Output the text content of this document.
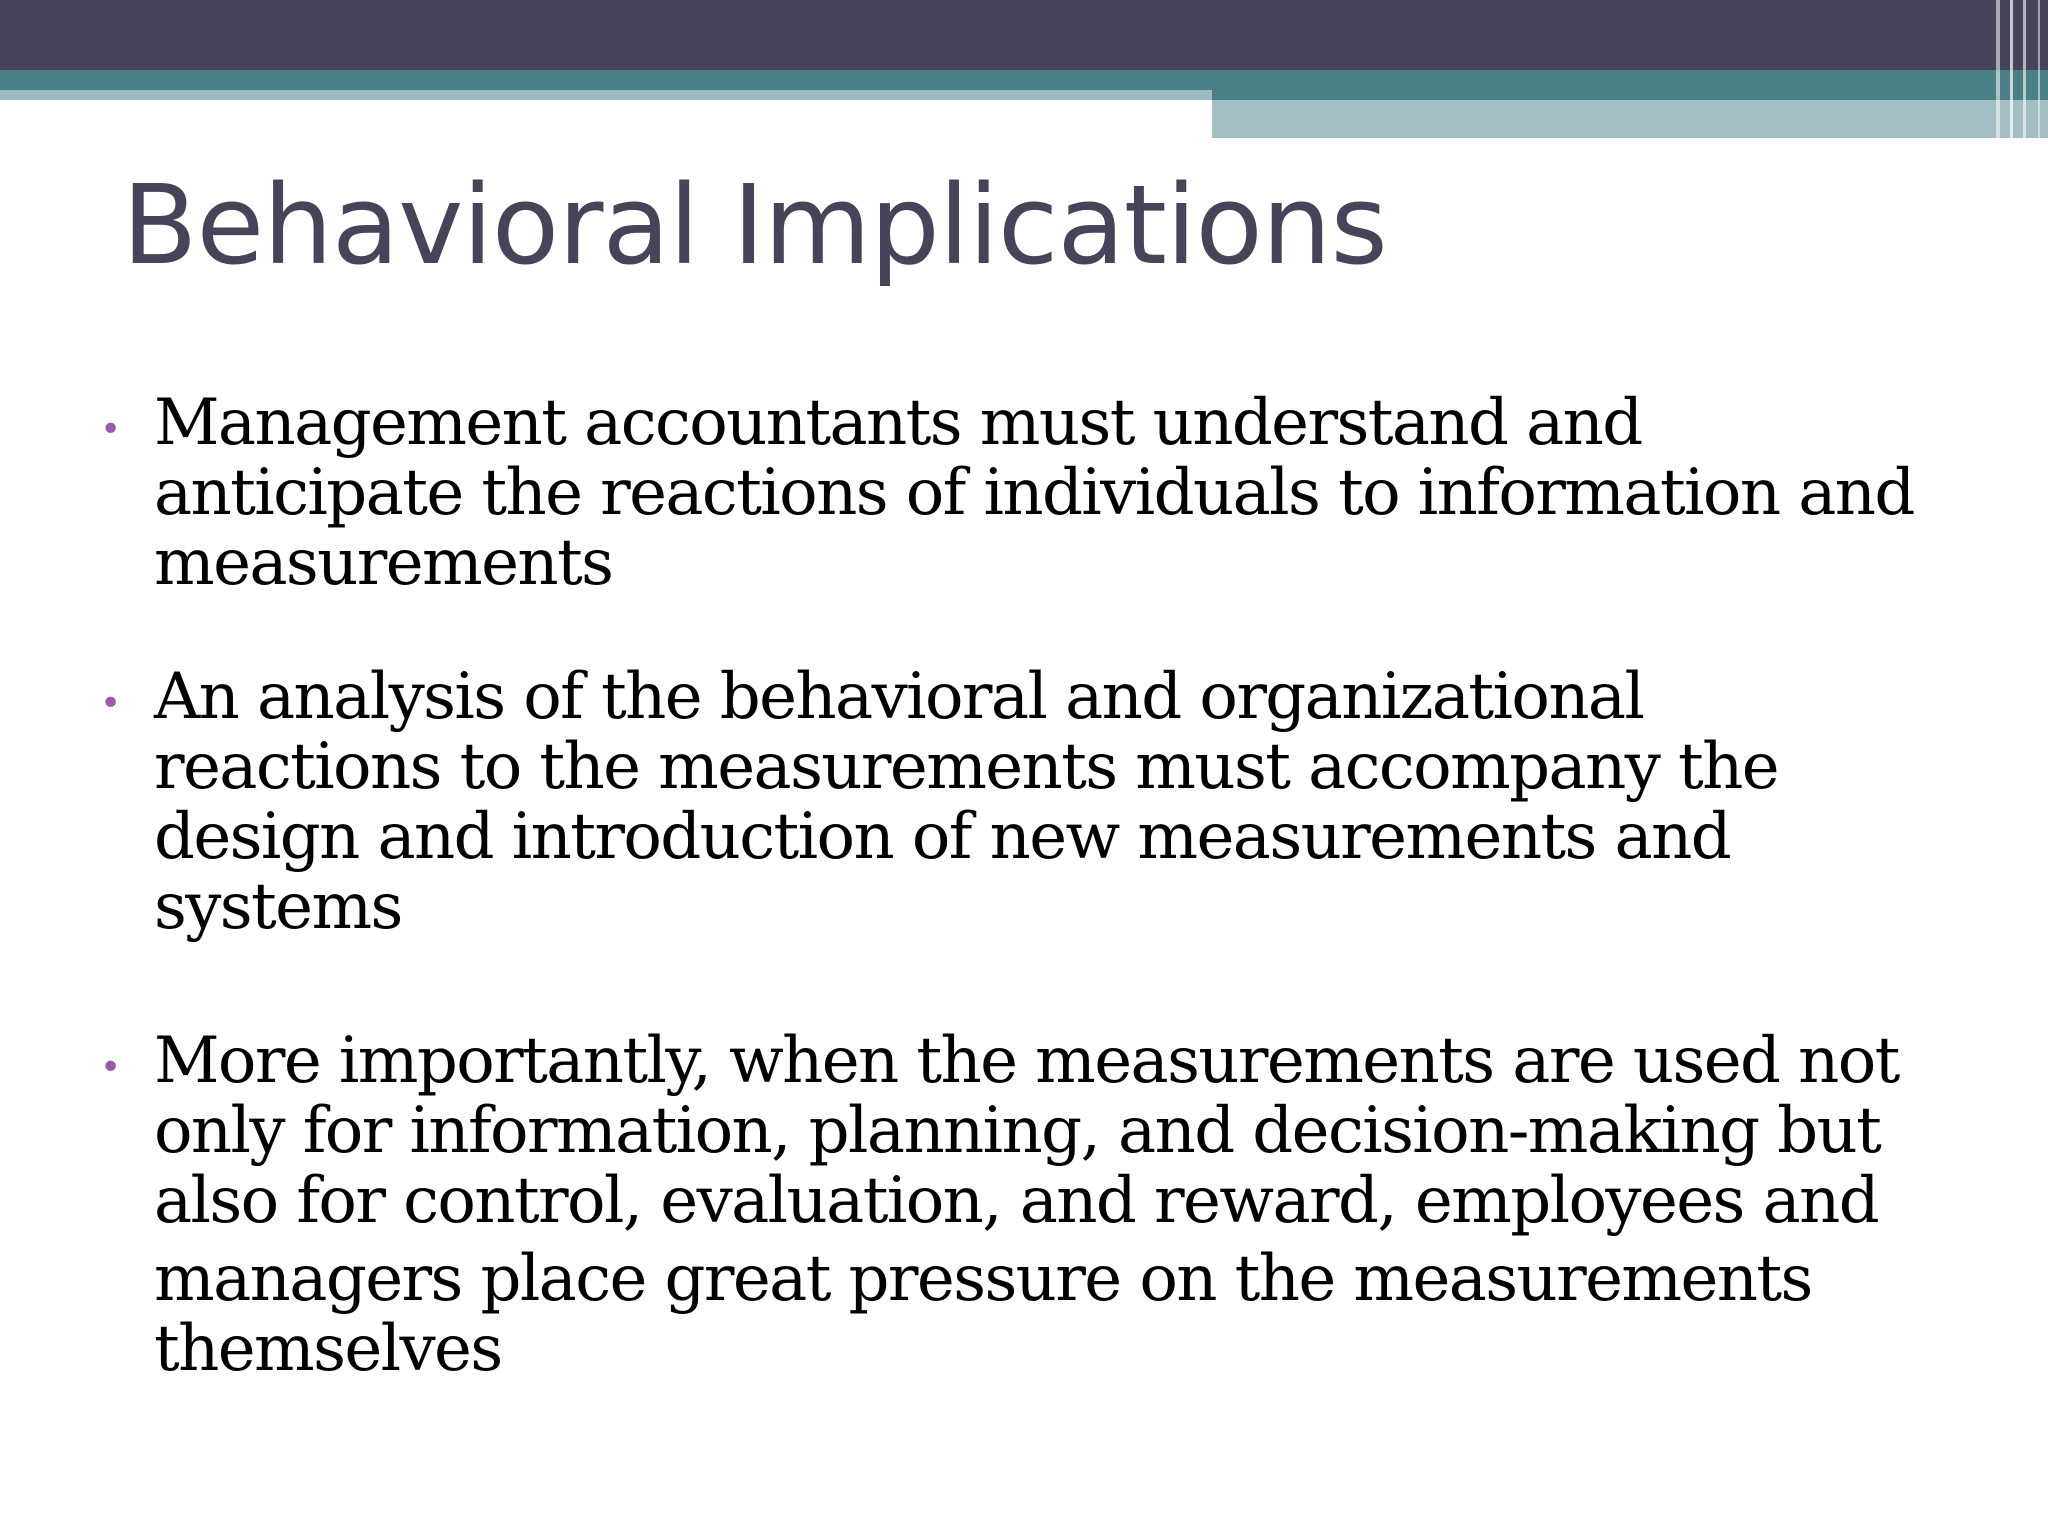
Behavioral Implications
• Management accountants must understand and
anticipate the reactions of individuals to information and
measurements
• An analysis of the behavioral and organizational
reactions to the measurements must accompany the
design and introduction of new measurements and
systems
• More importantly, when the measurements are used not
only for information, planning, and decision-making but
also for control, evaluation, and reward, employees and
managers place great pressure on the measurements
themselves
